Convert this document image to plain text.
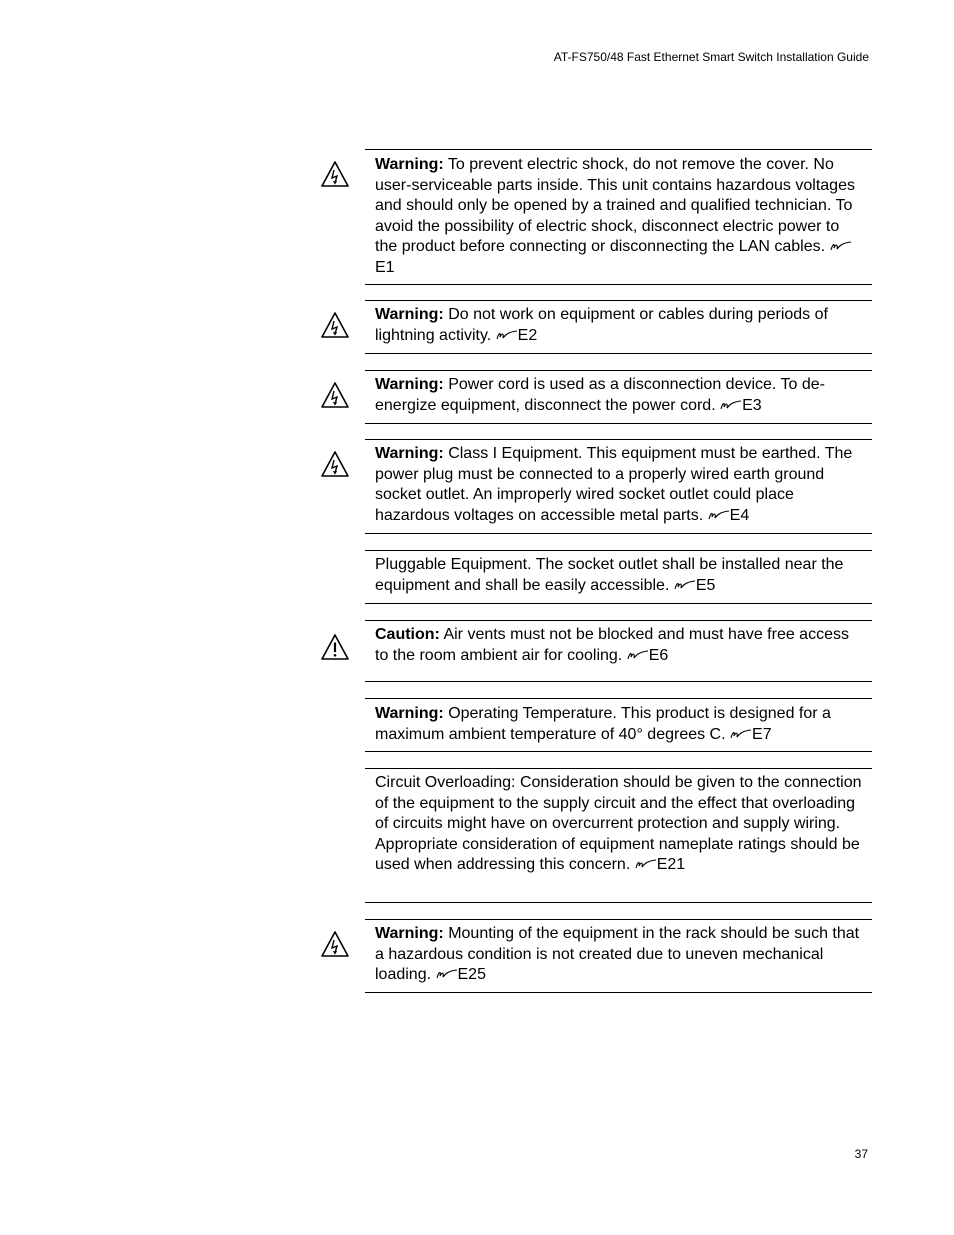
AT-FS750/48 Fast Ethernet Smart Switch Installation Guide

Warning: To prevent electric shock, do not remove the cover. No user-serviceable parts inside. This unit contains hazardous voltages and should only be opened by a trained and qualified technician. To avoid the possibility of electric shock, disconnect electric power to the product before connecting or disconnecting the LAN cables. E1

Warning: Do not work on equipment or cables during periods of lightning activity. E2

Warning: Power cord is used as a disconnection device. To de-energize equipment, disconnect the power cord. E3

Warning: Class I Equipment. This equipment must be earthed. The power plug must be connected to a properly wired earth ground socket outlet. An improperly wired socket outlet could place hazardous voltages on accessible metal parts. E4

Pluggable Equipment. The socket outlet shall be installed near the equipment and shall be easily accessible. E5

Caution: Air vents must not be blocked and must have free access to the room ambient air for cooling. E6

Warning: Operating Temperature. This product is designed for a maximum ambient temperature of 40° degrees C. E7

Circuit Overloading: Consideration should be given to the connection of the equipment to the supply circuit and the effect that overloading of circuits might have on overcurrent protection and supply wiring. Appropriate consideration of equipment nameplate ratings should be used when addressing this concern. E21

Warning: Mounting of the equipment in the rack should be such that a hazardous condition is not created due to uneven mechanical loading. E25

37
